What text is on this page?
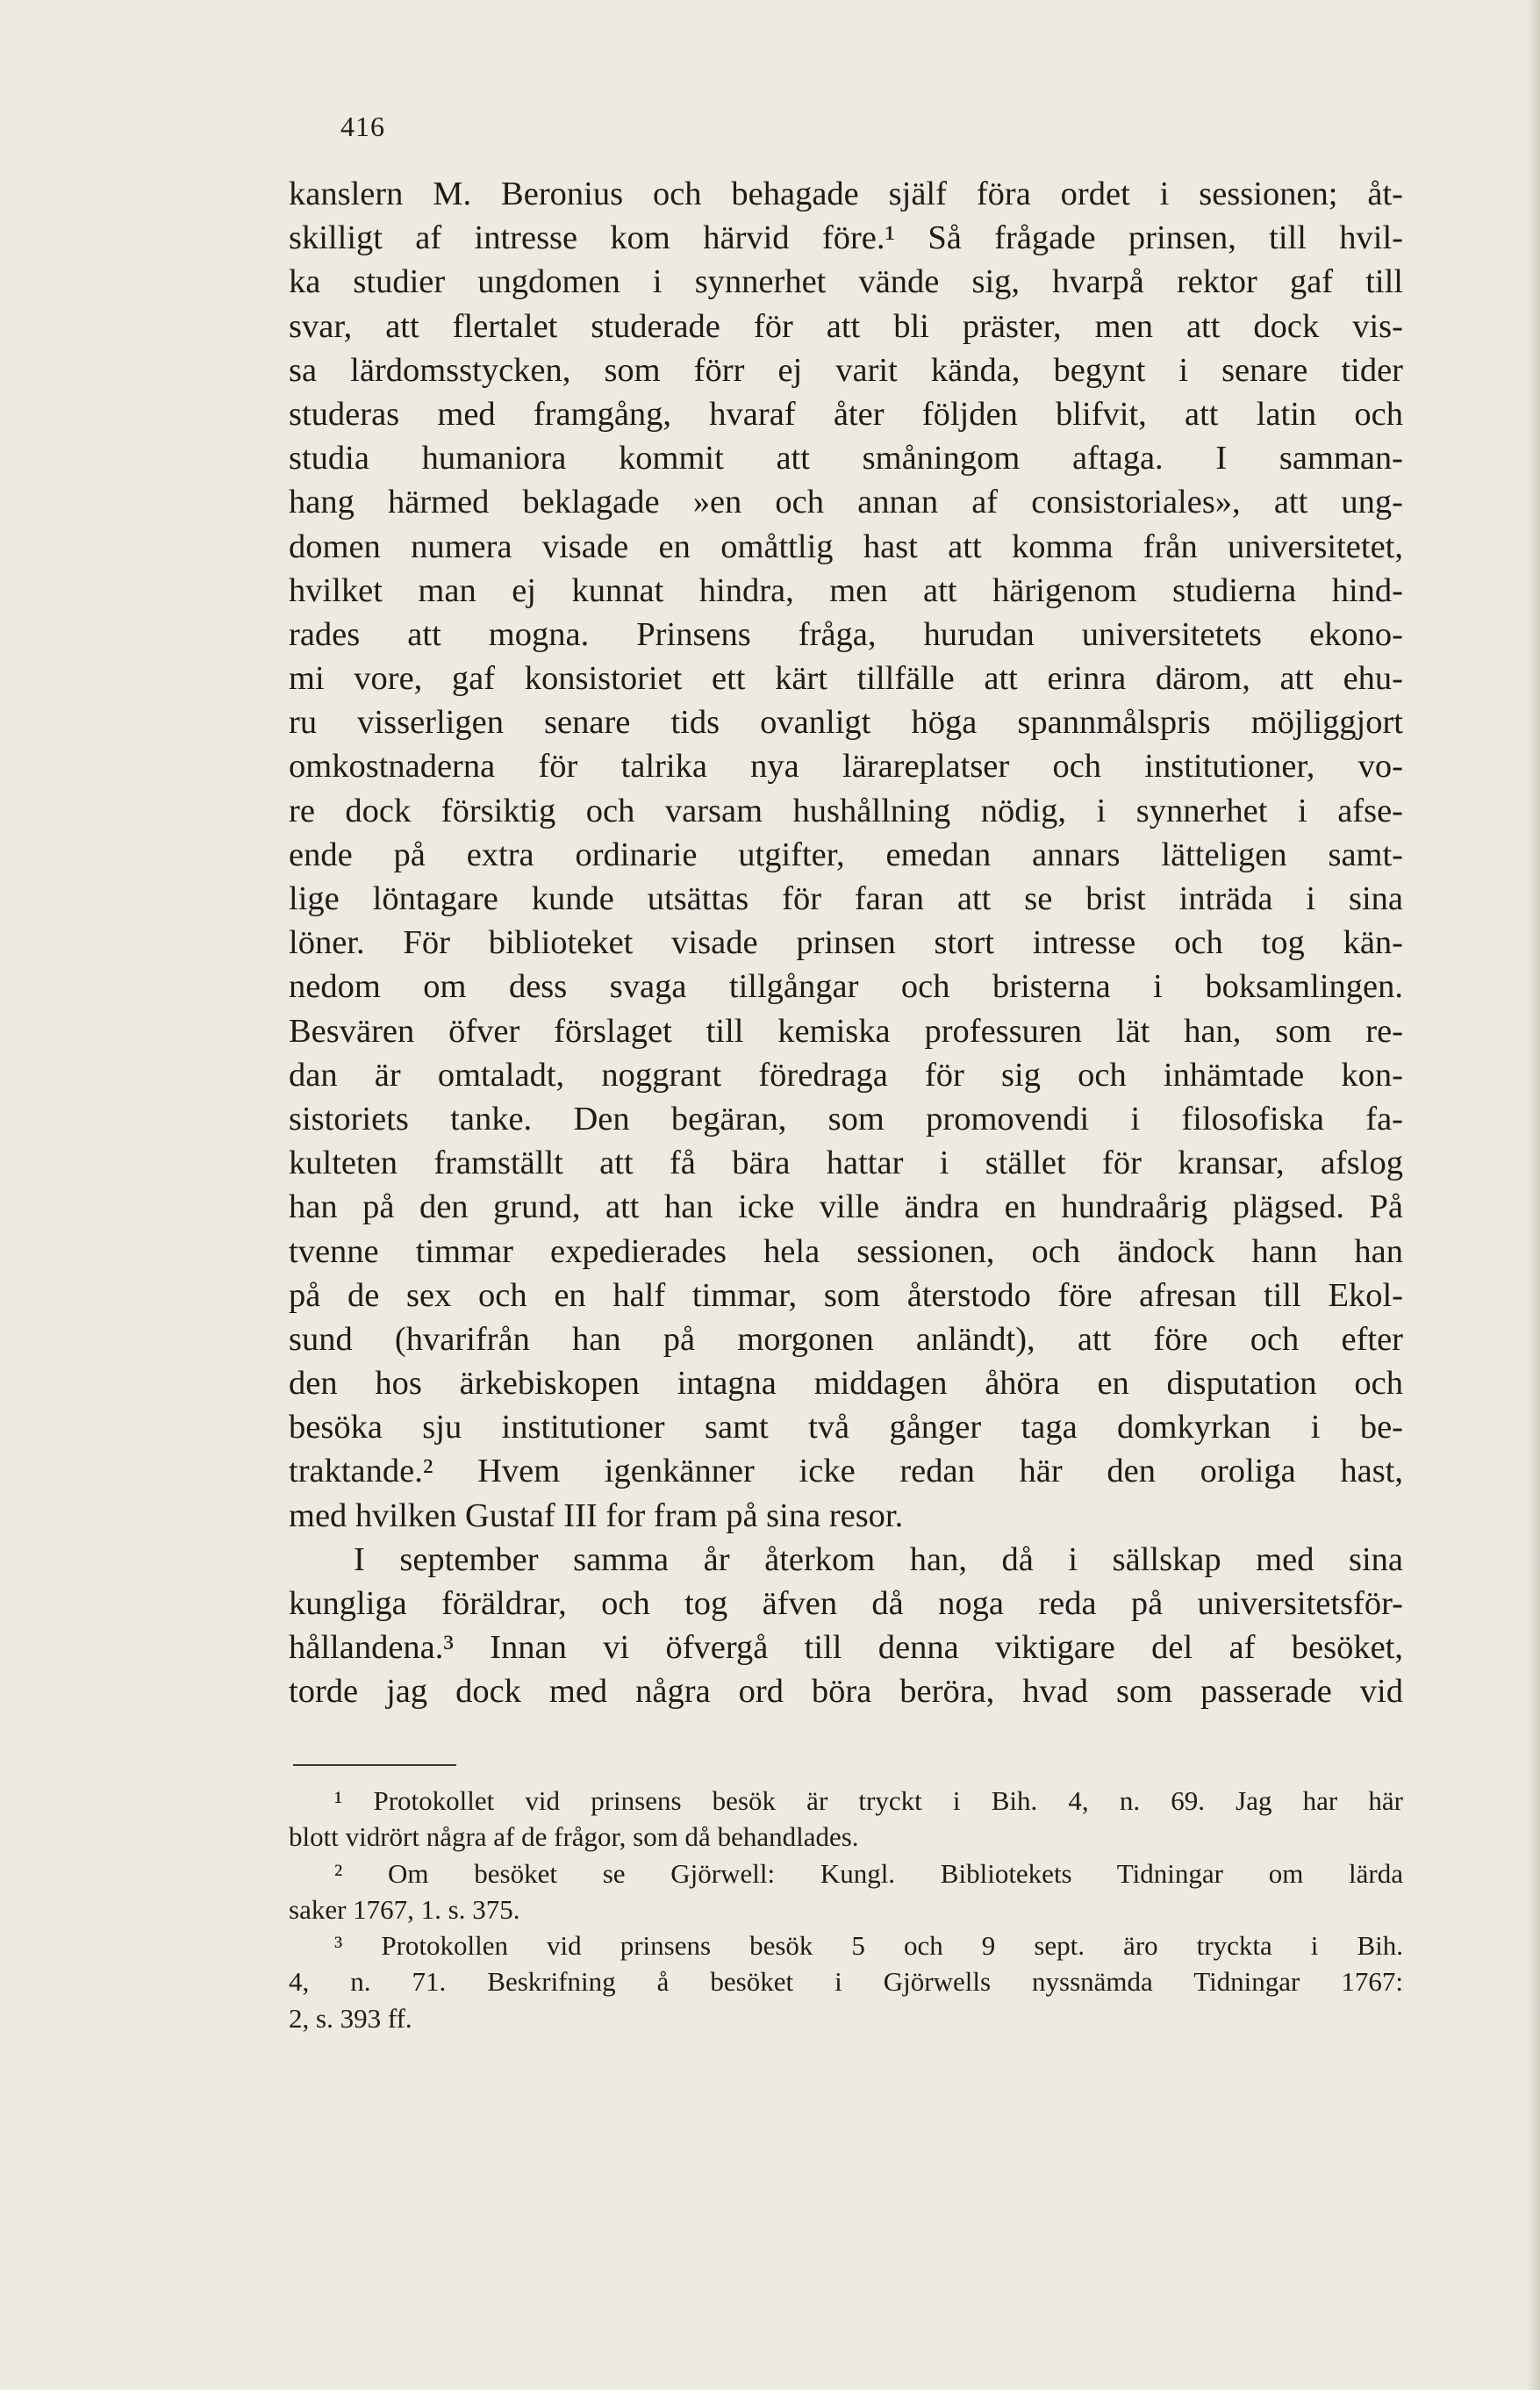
416
kanslern M. Beronius och behagade själf föra ordet i sessionen; åt-
skilligt af intresse kom härvid före.¹ Så frågade prinsen, till hvil-
ka studier ungdomen i synnerhet vände sig, hvarpå rektor gaf till
svar, att flertalet studerade för att bli präster, men att dock vis-
sa lärdomsstycken, som förr ej varit kända, begynt i senare tider
studeras med framgång, hvaraf åter följden blifvit, att latin och
studia humaniora kommit att småningom aftaga. I samman-
hang härmed beklagade »en och annan af consistoriales», att ung-
domen numera visade en omåttlig hast att komma från universitetet,
hvilket man ej kunnat hindra, men att härigenom studierna hind-
rades att mogna. Prinsens fråga, hurudan universitetets ekono-
mi vore, gaf konsistoriet ett kärt tillfälle att erinra därom, att ehu-
ru visserligen senare tids ovanligt höga spannmålspris möjliggjort
omkostnaderna för talrika nya lärareplatser och institutioner, vo-
re dock försiktig och varsam hushållning nödig, i synnerhet i afse-
ende på extra ordinarie utgifter, emedan annars lätteligen samt-
lige löntagare kunde utsättas för faran att se brist inträda i sina
löner. För biblioteket visade prinsen stort intresse och tog kän-
nedom om dess svaga tillgångar och bristerna i boksamlingen.
Besvären öfver förslaget till kemiska professuren lät han, som re-
dan är omtaladt, noggrant föredraga för sig och inhämtade kon-
sistoriets tanke. Den begäran, som promovendi i filosofiska fa-
kulteten framställt att få bära hattar i stället för kransar, afslog
han på den grund, att han icke ville ändra en hundraårig plägsed. På
tvenne timmar expedierades hela sessionen, och ändock hann han
på de sex och en half timmar, som återstodo före afresan till Ekol-
sund (hvarifrån han på morgonen anländt), att före och efter
den hos ärkebiskopen intagna middagen åhöra en disputation och
besöka sju institutioner samt två gånger taga domkyrkan i be-
traktande.² Hvem igenkänner icke redan här den oroliga hast,
med hvilken Gustaf III for fram på sina resor.
I september samma år återkom han, då i sällskap med sina
kungliga föräldrar, och tog äfven då noga reda på universitetsför-
hållandena.³ Innan vi öfvergå till denna viktigare del af besöket,
torde jag dock med några ord böra beröra, hvad som passerade vid
¹ Protokollet vid prinsens besök är tryckt i Bih. 4, n. 69. Jag har här
blott vidrört några af de frågor, som då behandlades.
² Om besöket se Gjörwell: Kungl. Bibliotekets Tidningar om lärda
saker 1767, 1. s. 375.
³ Protokollen vid prinsens besök 5 och 9 sept. äro tryckta i Bih.
4, n. 71. Beskrifning å besöket i Gjörwells nyssnämda Tidningar 1767:
2, s. 393 ff.
